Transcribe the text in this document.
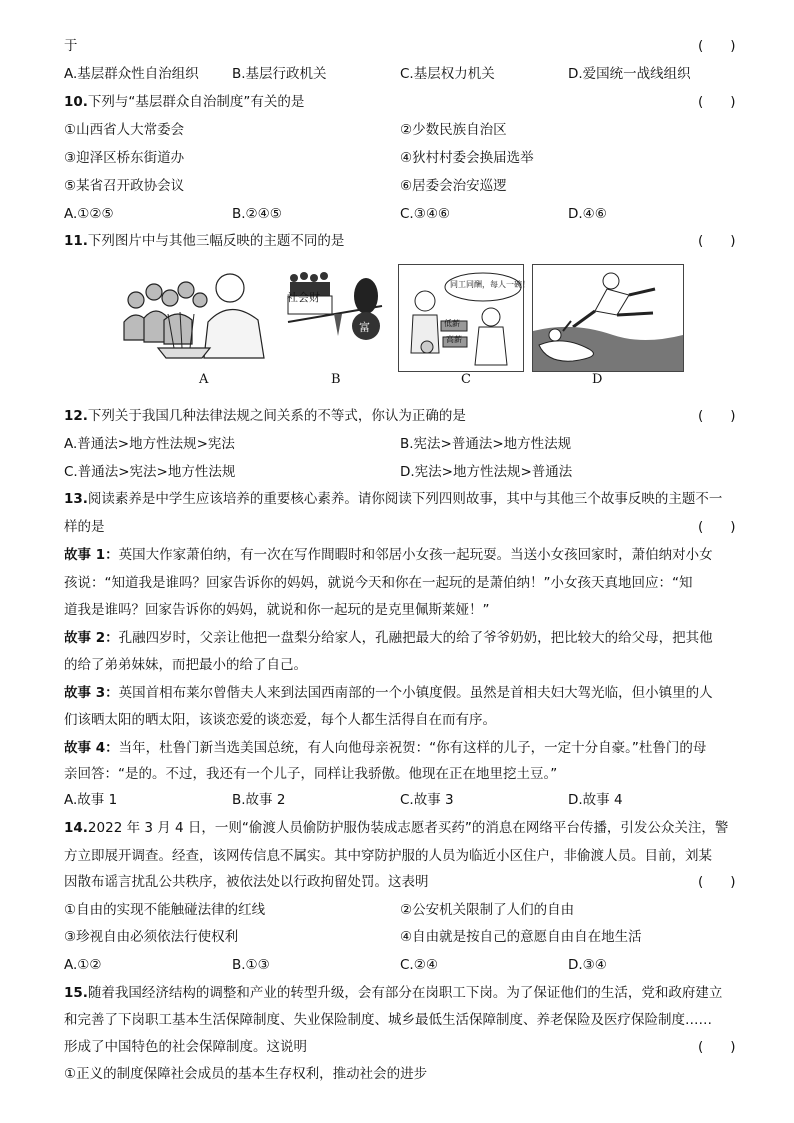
于	(　　)
A.基层群众性自治组织 B.基层行政机关	C.基层权力机关	D.爱国统一战线组织
10.下列与“基层群众自治制度”有关的是	(　　)
①山西省人大常委会	②少数民族自治区
③迎泽区桥东街道办	④狄村村委会换届选举
⑤某省召开政协会议	⑥居委会治安巡逻
A.①②⑤	B.②④⑤	C.③④⑥	D.④⑥
11.下列图片中与其他三幅反映的主题不同的是	(　　)
A
社会财
富
B
同工同酬，每人一碗！
低薪
高薪
C	D
12.下列关于我国几种法律法规之间关系的不等式，你认为正确的是	(　　)
A.普通法>地方性法规>宪法	B.宪法>普通法>地方性法规
C.普通法>宪法>地方性法规	D.宪法>地方性法规>普通法
13.阅读素养是中学生应该培养的重要核心素养。请你阅读下列四则故事，其中与其他三个故事反映的主题不一
样的是	(　　)
故事 1：英国大作家萧伯纳，有一次在写作間暇时和邻居小女孩一起玩耍。当送小女孩回家时，萧伯纳对小女
孩说：“知道我是谁吗？回家告诉你的妈妈，就说今天和你在一起玩的是萧伯纳！”小女孩天真地回应：“知
道我是谁吗？回家告诉你的妈妈，就说和你一起玩的是克里佩斯莱娅！”
故事 2：孔融四岁时，父亲让他把一盘梨分给家人，孔融把最大的给了爷爷奶奶，把比较大的给父母，把其他
的给了弟弟妹妹，而把最小的给了自己。
故事 3：英国首相布莱尔曾偕夫人来到法国西南部的一个小镇度假。虽然是首相夫妇大驾光临，但小镇里的人
们该晒太阳的晒太阳，该谈恋爱的谈恋爱，每个人都生活得自在而有序。
故事 4：当年，杜鲁门新当选美国总统，有人向他母亲祝贺：“你有这样的儿子，一定十分自豪。”杜鲁门的母
亲回答：“是的。不过，我还有一个儿子，同样让我骄傲。他现在正在地里挖土豆。”
A.故事 1	B.故事 2	C.故事 3	D.故事 4
14.2022 年 3 月 4 日，一则“偷渡人员偷防护服伪装成志愿者买药”的消息在网络平台传播，引发公众关注，警
方立即展开调查。经查，该网传信息不属实。其中穿防护服的人员为临近小区住户，非偷渡人员。目前，刘某
因散布谣言扰乱公共秩序，被依法处以行政拘留处罚。这表明	(　　)
①自由的实现不能触碰法律的红线	②公安机关限制了人们的自由
③珍视自由必须依法行使权利	④自由就是按自己的意愿自由自在地生活
A.①②	B.①③	C.②④	D.③④
15.随着我国经济结构的调整和产业的转型升级，会有部分在岗职工下岗。为了保证他们的生活，党和政府建立
和完善了下岗职工基本生活保障制度、失业保险制度、城乡最低生活保障制度、养老保险及医疗保险制度……
形成了中国特色的社会保障制度。这说明	(　　)
①正义的制度保障社会成员的基本生存权利，推动社会的进步
